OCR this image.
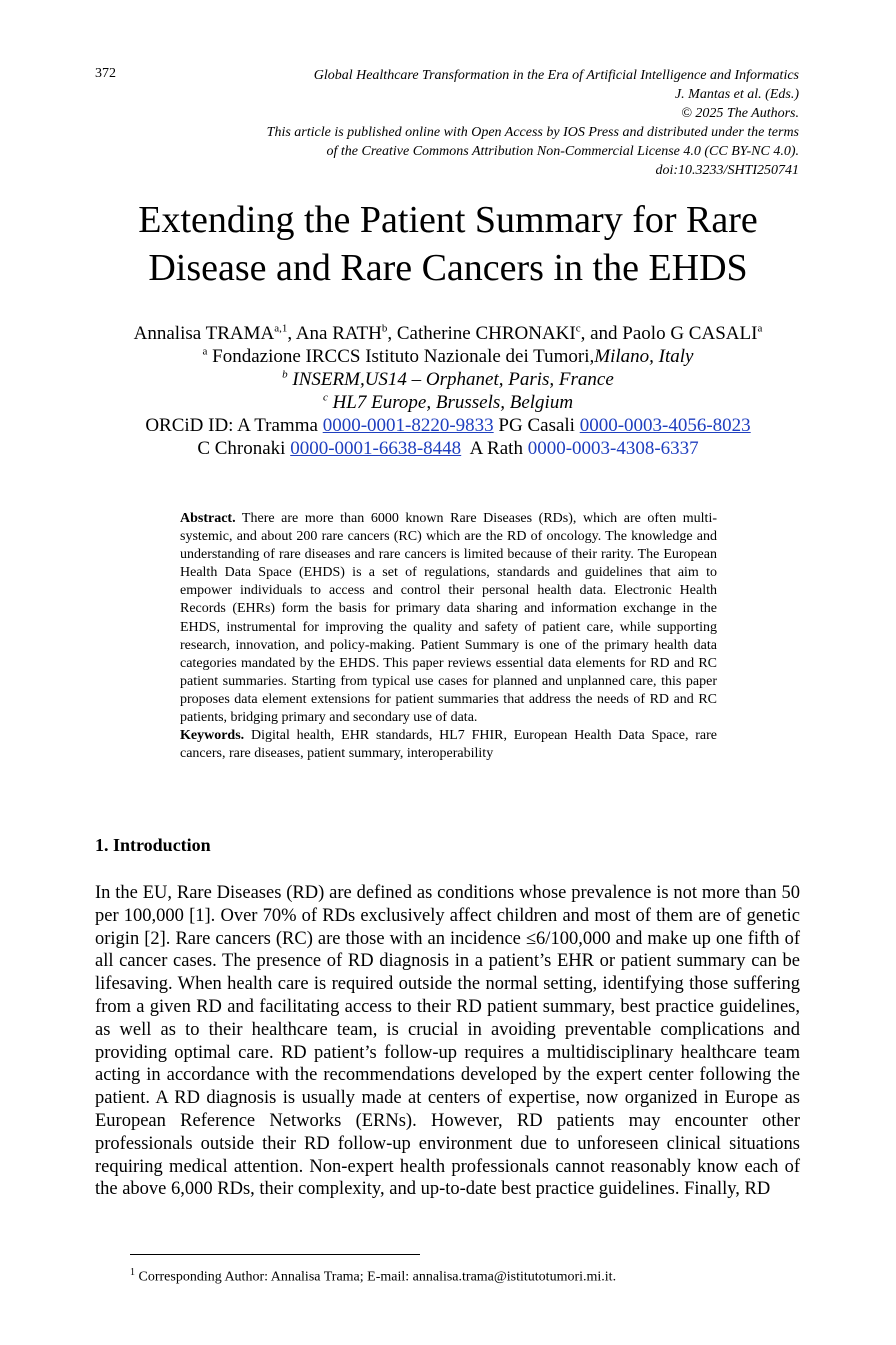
372	Global Healthcare Transformation in the Era of Artificial Intelligence and Informatics
J. Mantas et al. (Eds.)
© 2025 The Authors.
This article is published online with Open Access by IOS Press and distributed under the terms
of the Creative Commons Attribution Non-Commercial License 4.0 (CC BY-NC 4.0).
doi:10.3233/SHTI250741
Extending the Patient Summary for Rare
Disease and Rare Cancers in the EHDS
Annalisa TRAMA$^{a,1}$, Ana RATH$^b$, Catherine CHRONAKI$^c$, and Paolo G CASALI$^a$
$^a$ Fondazione IRCCS Istituto Nazionale dei Tumori,Milano, Italy
$^b$ INSERM,US14 – Orphanet, Paris, France
$^c$ HL7 Europe, Brussels, Belgium
ORCiD ID: A Tramma 0000-0001-8220-9833 PG Casali 0000-0003-4056-8023
C Chronaki 0000-0001-6638-8448  A Rath 0000-0003-4308-6337

Abstract. There are more than 6000 known Rare Diseases (RDs), which are often multi-systemic, and about 200 rare cancers (RC) which are the RD of oncology. The knowledge and understanding of rare diseases and rare cancers is limited because of their rarity. The European Health Data Space (EHDS) is a set of regulations, standards and guidelines that aim to empower individuals to access and control their personal health data. Electronic Health Records (EHRs) form the basis for primary data sharing and information exchange in the EHDS, instrumental for improving the quality and safety of patient care, while supporting research, innovation, and policy-making. Patient Summary is one of the primary health data categories mandated by the EHDS. This paper reviews essential data elements for RD and RC patient summaries. Starting from typical use cases for planned and unplanned care, this paper proposes data element extensions for patient summaries that address the needs of RD and RC patients, bridging primary and secondary use of data.

Keywords. Digital health, EHR standards, HL7 FHIR, European Health Data Space, rare cancers, rare diseases, patient summary, interoperability

1. Introduction

In the EU, Rare Diseases (RD) are defined as conditions whose prevalence is not more than 50 per 100,000 [1]. Over 70% of RDs exclusively affect children and most of them are of genetic origin [2]. Rare cancers (RC) are those with an incidence ≤6/100,000 and make up one fifth of all cancer cases. The presence of RD diagnosis in a patient’s EHR or patient summary can be lifesaving. When health care is required outside the normal setting, identifying those suffering from a given RD and facilitating access to their RD patient summary, best practice guidelines, as well as to their healthcare team, is crucial in avoiding preventable complications and providing optimal care. RD patient’s follow-up requires a multidisciplinary healthcare team acting in accordance with the recommendations developed by the expert center following the patient. A RD diagnosis is usually made at centers of expertise, now organized in Europe as European Reference Networks (ERNs). However, RD patients may encounter other professionals outside their RD follow-up environment due to unforeseen clinical situations requiring medical attention. Non-expert health professionals cannot reasonably know each of the above 6,000 RDs, their complexity, and up-to-date best practice guidelines. Finally, RD

$^1$ Corresponding Author: Annalisa Trama; E-mail: annalisa.trama@istitutotumori.mi.it.
